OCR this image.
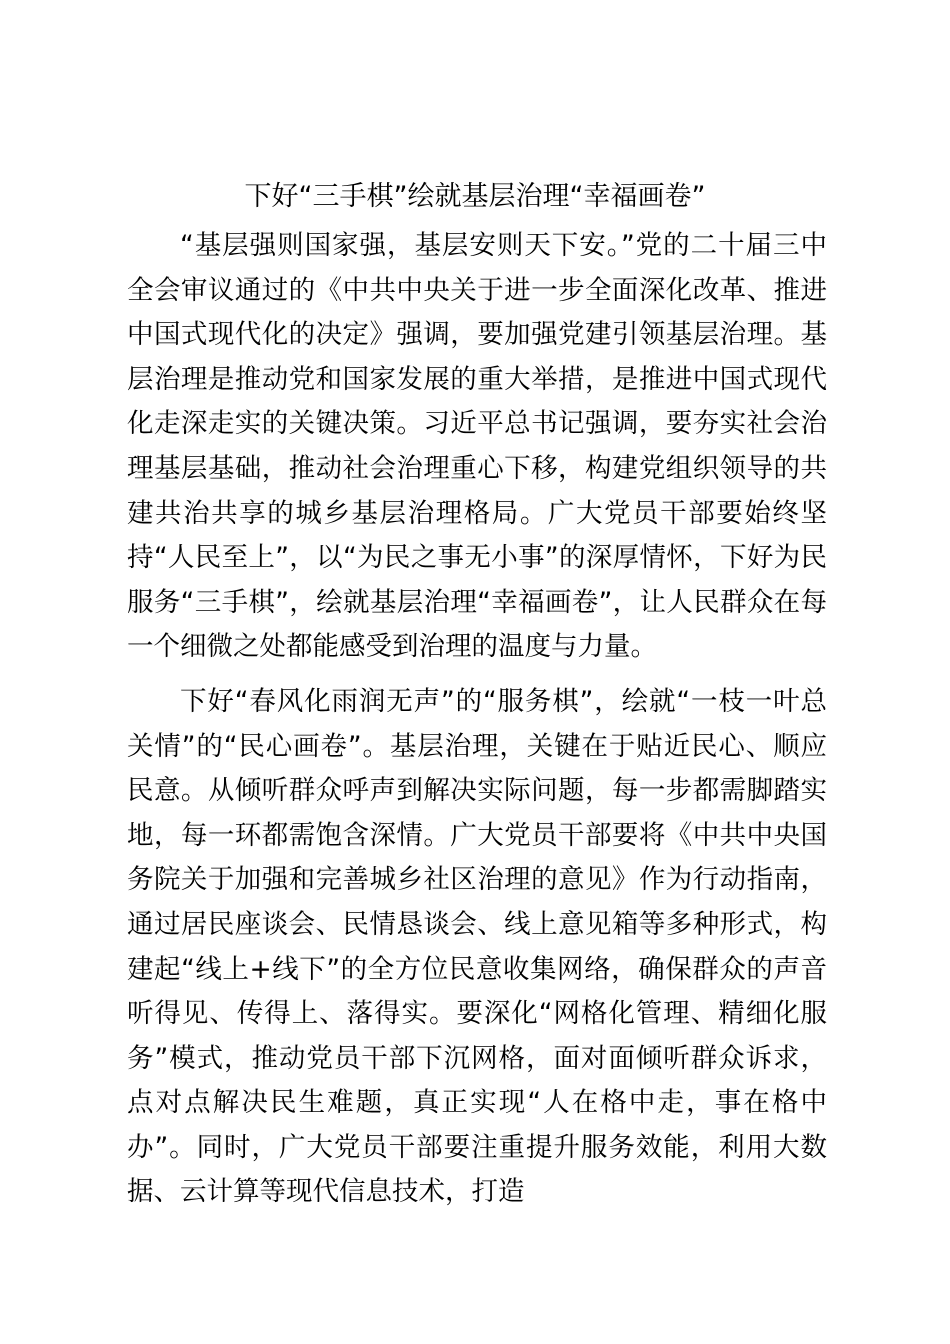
下好“三手棋”绘就基层治理“幸福画卷”

“基层强则国家强，基层安则天下安。”党的二十届三中全会审议通过的《中共中央关于进一步全面深化改革、推进中国式现代化的决定》强调，要加强党建引领基层治理。基层治理是推动党和国家发展的重大举措，是推进中国式现代化走深走实的关键决策。习近平总书记强调，要夯实社会治理基层基础，推动社会治理重心下移，构建党组织领导的共建共治共享的城乡基层治理格局。广大党员干部要始终坚持“人民至上”，以“为民之事无小事”的深厚情怀，下好为民服务“三手棋”，绘就基层治理“幸福画卷”，让人民群众在每一个细微之处都能感受到治理的温度与力量。

下好“春风化雨润无声”的“服务棋”，绘就“一枝一叶总关情”的“民心画卷”。基层治理，关键在于贴近民心、顺应民意。从倾听群众呼声到解决实际问题，每一步都需脚踏实地，每一环都需饱含深情。广大党员干部要将《中共中央国务院关于加强和完善城乡社区治理的意见》作为行动指南，通过居民座谈会、民情恳谈会、线上意见箱等多种形式，构建起“线上+线下”的全方位民意收集网络，确保群众的声音听得见、传得上、落得实。要深化“网格化管理、精细化服务”模式，推动党员干部下沉网格，面对面倾听群众诉求，点对点解决民生难题，真正实现“人在格中走，事在格中办”。同时，广大党员干部要注重提升服务效能，利用大数据、云计算等现代信息技术，打造
